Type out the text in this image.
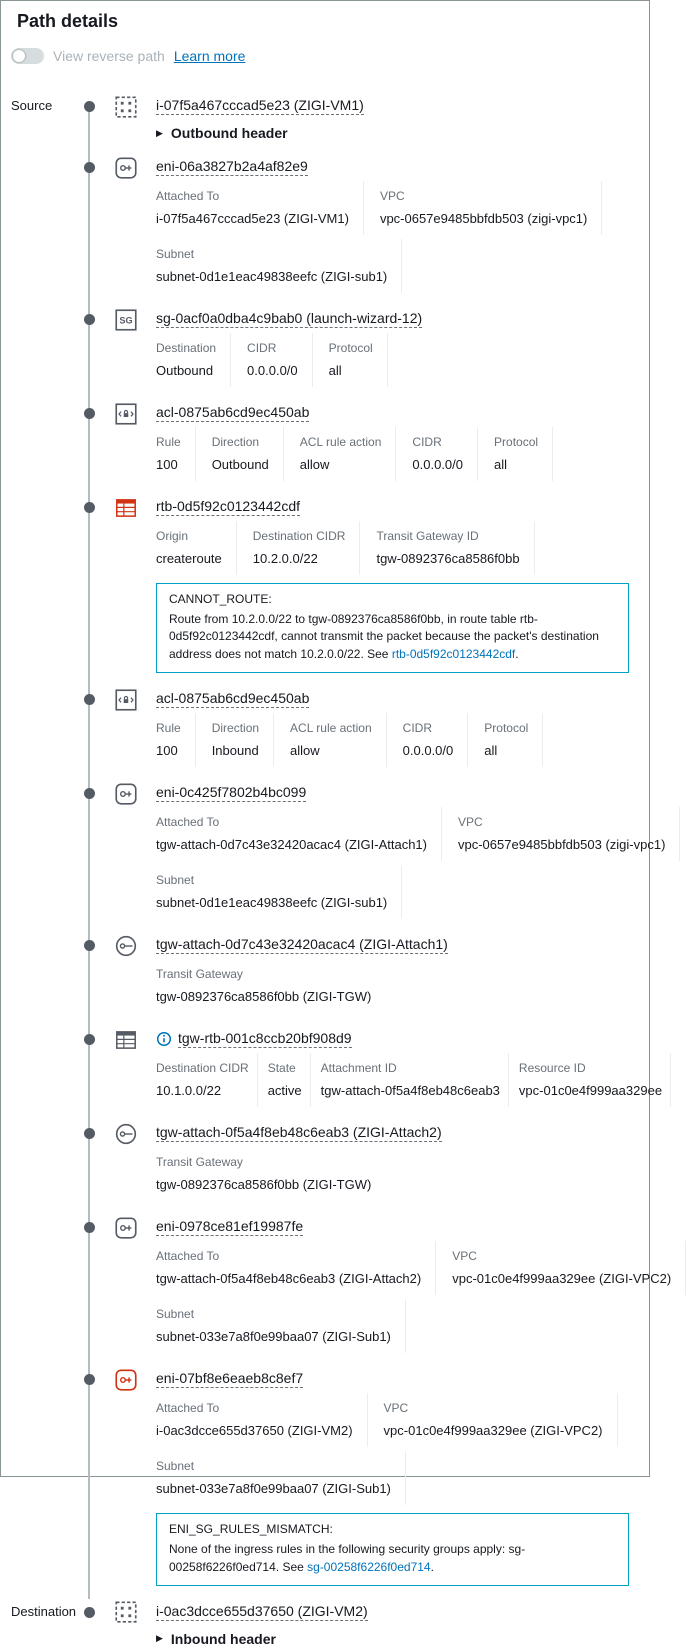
Path details
View reverse path Learn more
Source	i-07f5a467cccad5e23 (ZIGI-VM1)
▶ Outbound header
eni-06a3827b2a4af82e9
Attached To
i-07f5a467cccad5e23 (ZIGI-VM1)
VPC
vpc-0657e9485bbfdb503 (zigi-vpc1)
Subnet
subnet-0d1e1eac49838eefc (ZIGI-sub1)
sg-0acf0a0dba4c9bab0 (launch-wizard-12)
Destination
Outbound
CIDR
0.0.0.0/0
Protocol
all
acl-0875ab6cd9ec450ab
Rule
100
Direction
Outbound
ACL rule action
allow
CIDR
0.0.0.0/0
Protocol
all
rtb-0d5f92c0123442cdf
Origin
createroute
Destination CIDR
10.2.0.0/22
Transit Gateway ID
tgw-0892376ca8586f0bb
CANNOT_ROUTE:
Route from 10.2.0.0/22 to tgw-0892376ca8586f0bb, in route table rtb-0d5f92c0123442cdf, cannot transmit the packet because the packet's destination address does not match 10.2.0.0/22. See rtb-0d5f92c0123442cdf.
acl-0875ab6cd9ec450ab
Rule
100
Direction
Inbound
ACL rule action
allow
CIDR
0.0.0.0/0
Protocol
all
eni-0c425f7802b4bc099
Attached To
tgw-attach-0d7c43e32420acac4 (ZIGI-Attach1)
VPC
vpc-0657e9485bbfdb503 (zigi-vpc1)
Subnet
subnet-0d1e1eac49838eefc (ZIGI-sub1)
tgw-attach-0d7c43e32420acac4 (ZIGI-Attach1)
Transit Gateway
tgw-0892376ca8586f0bb (ZIGI-TGW)
tgw-rtb-001c8ccb20bf908d9
Destination CIDR
10.1.0.0/22
State
active
Attachment ID
tgw-attach-0f5a4f8eb48c6eab3
Resource ID
vpc-01c0e4f999aa329ee
tgw-attach-0f5a4f8eb48c6eab3 (ZIGI-Attach2)
Transit Gateway
tgw-0892376ca8586f0bb (ZIGI-TGW)
eni-0978ce81ef19987fe
Attached To
tgw-attach-0f5a4f8eb48c6eab3 (ZIGI-Attach2)
VPC
vpc-01c0e4f999aa329ee (ZIGI-VPC2)
Subnet
subnet-033e7a8f0e99baa07 (ZIGI-Sub1)
eni-07bf8e6eaeb8c8ef7
Attached To
i-0ac3dcce655d37650 (ZIGI-VM2)
VPC
vpc-01c0e4f999aa329ee (ZIGI-VPC2)
Subnet
subnet-033e7a8f0e99baa07 (ZIGI-Sub1)
ENI_SG_RULES_MISMATCH:
None of the ingress rules in the following security groups apply: sg-00258f6226f0ed714. See sg-00258f6226f0ed714.
Destination	i-0ac3dcce655d37650 (ZIGI-VM2)
▶ Inbound header
